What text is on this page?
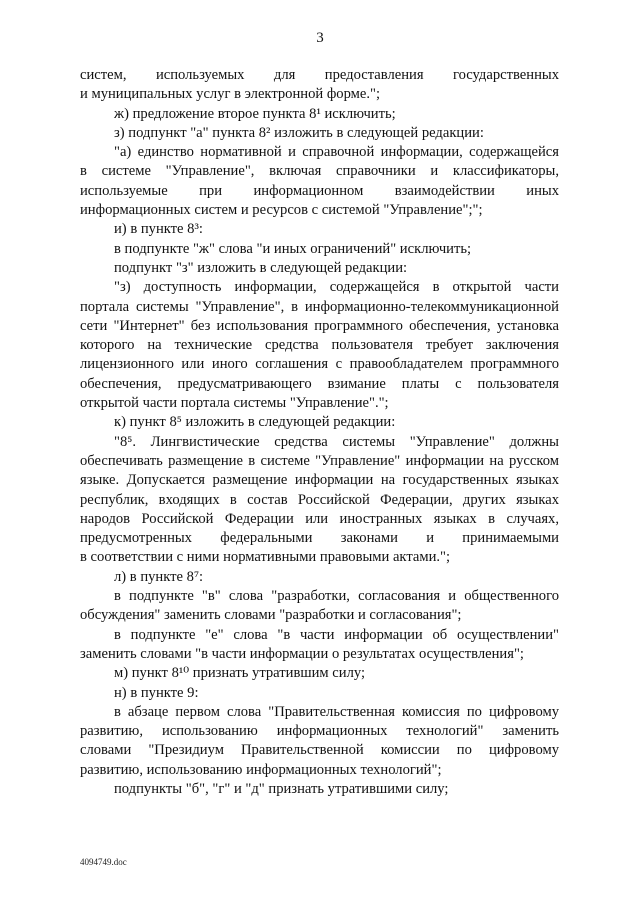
3
систем, используемых для предоставления государственных
и муниципальных услуг в электронной форме.";
ж) предложение второе пункта 8¹ исключить;
з) подпункт "а" пункта 8² изложить в следующей редакции:
"а) единство нормативной и справочной информации, содержащейся
в системе "Управление", включая справочники и классификаторы,
используемые при информационном взаимодействии иных
информационных систем и ресурсов с системой "Управление";";
и) в пункте 8³:
в подпункте "ж" слова "и иных ограничений" исключить;
подпункт "з" изложить в следующей редакции:
"з) доступность информации, содержащейся в открытой части
портала системы "Управление", в информационно-телекоммуникационной
сети "Интернет" без использования программного обеспечения, установка
которого на технические средства пользователя требует заключения
лицензионного или иного соглашения с правообладателем программного
обеспечения, предусматривающего взимание платы с пользователя
открытой части портала системы "Управление".";
к) пункт 8⁵ изложить в следующей редакции:
"8⁵. Лингвистические средства системы "Управление" должны
обеспечивать размещение в системе "Управление" информации на русском
языке. Допускается размещение информации на государственных языках
республик, входящих в состав Российской Федерации, других языках
народов Российской Федерации или иностранных языках в случаях,
предусмотренных федеральными законами и принимаемыми
в соответствии с ними нормативными правовыми актами.";
л) в пункте 8⁷:
в подпункте "в" слова "разработки, согласования и общественного
обсуждения" заменить словами "разработки и согласования";
в подпункте "е" слова "в части информации об осуществлении"
заменить словами "в части информации о результатах осуществления";
м) пункт 8¹⁰ признать утратившим силу;
н) в пункте 9:
в абзаце первом слова "Правительственная комиссия по цифровому
развитию, использованию информационных технологий" заменить
словами "Президиум Правительственной комиссии по цифровому
развитию, использованию информационных технологий";
подпункты "б", "г" и "д" признать утратившими силу;
4094749.doc
